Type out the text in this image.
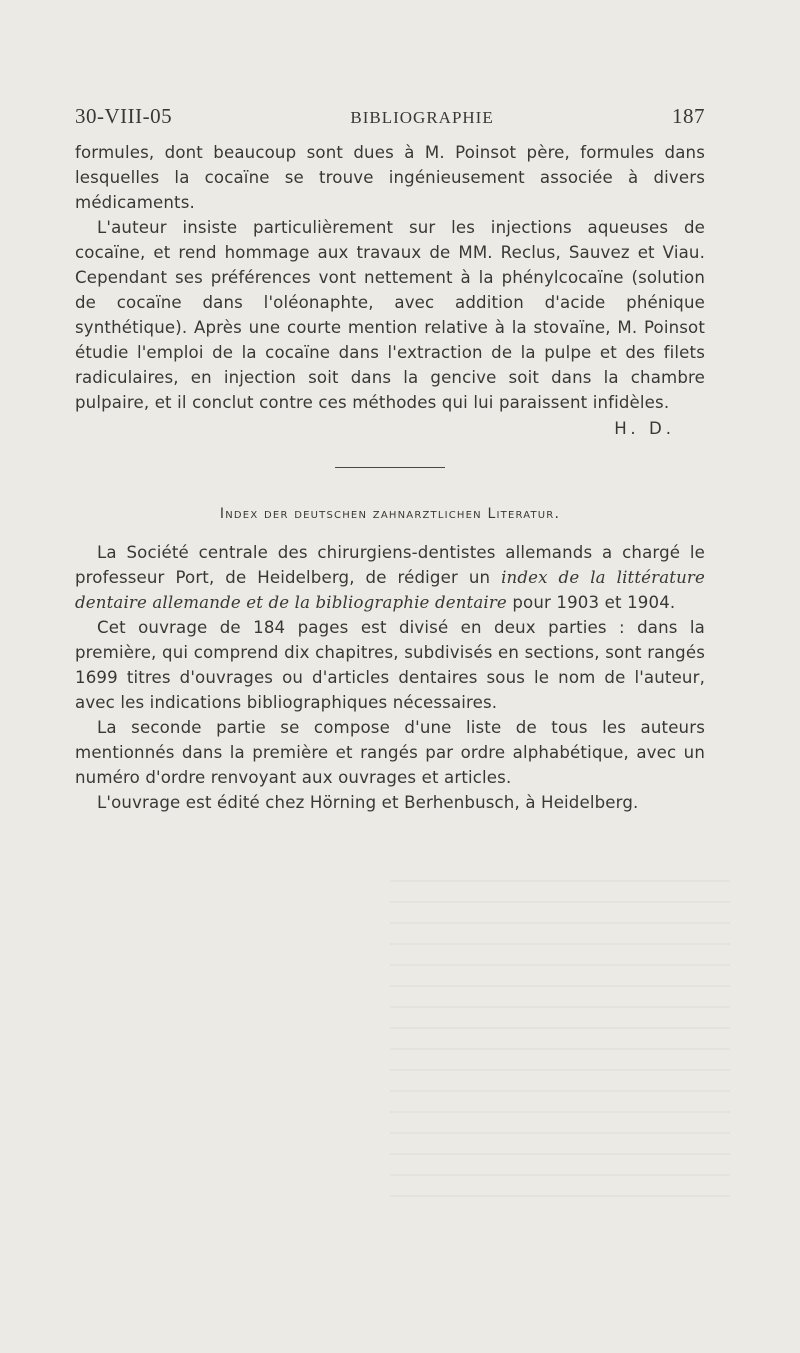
30-VIII-05	BIBLIOGRAPHIE	187

formules, dont beaucoup sont dues à M. Poinsot père, formules dans lesquelles la cocaïne se trouve ingénieusement associée à divers médicaments.

L'auteur insiste particulièrement sur les injections aqueuses de cocaïne, et rend hommage aux travaux de MM. Reclus, Sauvez et Viau. Cependant ses préférences vont nettement à la phénylcocaïne (solution de cocaïne dans l'oléonaphte, avec addition d'acide phénique synthétique). Après une courte mention relative à la stovaïne, M. Poinsot étudie l'emploi de la cocaïne dans l'extraction de la pulpe et des filets radiculaires, en injection soit dans la gencive soit dans la chambre pulpaire, et il conclut contre ces méthodes qui lui paraissent infidèles.

H. D.
Index der deutschen zahnarztlichen Literatur.

La Société centrale des chirurgiens-dentistes allemands a chargé le professeur Port, de Heidelberg, de rédiger un index de la littérature dentaire allemande et de la bibliographie dentaire pour 1903 et 1904.

Cet ouvrage de 184 pages est divisé en deux parties : dans la première, qui comprend dix chapitres, subdivisés en sections, sont rangés 1699 titres d'ouvrages ou d'articles dentaires sous le nom de l'auteur, avec les indications bibliographiques nécessaires.

La seconde partie se compose d'une liste de tous les auteurs mentionnés dans la première et rangés par ordre alphabétique, avec un numéro d'ordre renvoyant aux ouvrages et articles.

L'ouvrage est édité chez Hörning et Berhenbusch, à Heidelberg.
